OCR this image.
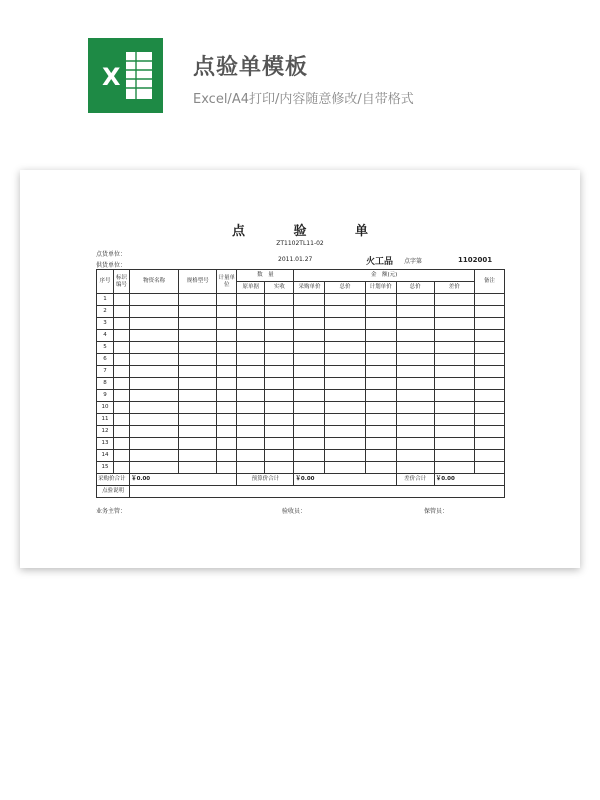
X	点验单模板
Excel/A4打印/内容随意修改/自带格式
点	验	单
ZT1102TL11-02
点货单位：
供货单位：
2011.01.27	火工品 点字第	1102001
序号	标识编号	物资名称	规格型号	计量单位	数　量		金　额(元)					备注
					原单据	实收	采购单价	总价	计划单价	总价	差价	
1												
2												
3												
4												
5												
6												
7												
8												
9												
10												
11												
12												
13												
14												
15												
采购价合计		￥0.00			预算价合计		￥0.00			差价合计	￥0.00	
点验说明												
业务主管：	验收员：	保管员：
